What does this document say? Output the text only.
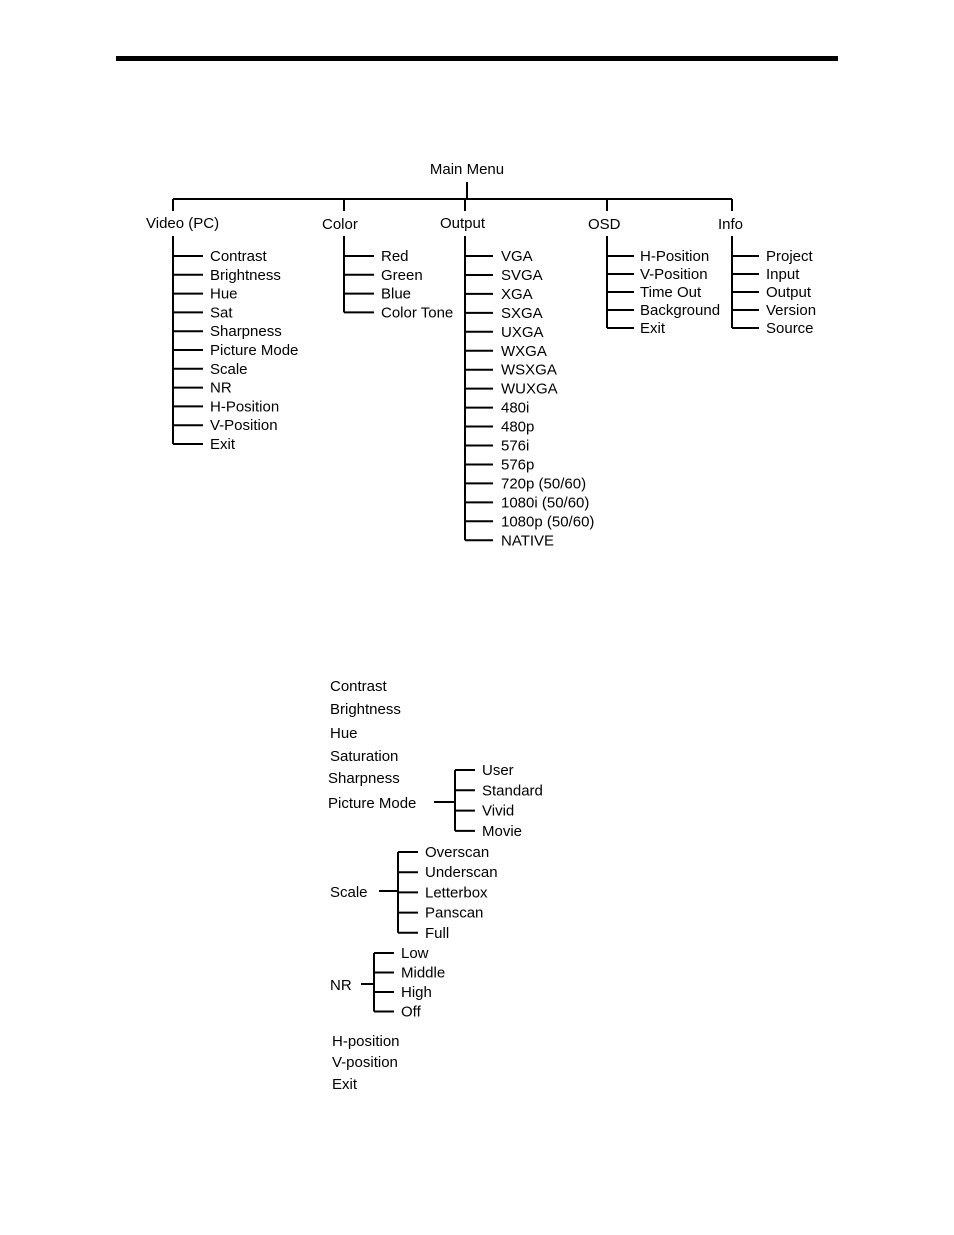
Main Menu
Video (PC)	Color	Output	OSD	Info
Contrast
Brightness
Hue
Sat
Sharpness
Picture Mode
Scale
NR
H-Position
V-Position
Exit
Red
Green
Blue
Color Tone
VGA
SVGA
XGA
SXGA
UXGA
WXGA
WSXGA
WUXGA
480i
480p
576i
576p
720p (50/60)
1080i (50/60)
1080p (50/60)
NATIVE
H-Position
V-Position
Time Out
Background
Exit
Project
Input
Output
Version
Source
Contrast
Brightness
Hue
Saturation
Sharpness
Picture Mode
User
Standard
Vivid
Movie
Scale
Overscan
Underscan
Letterbox
Panscan
Full
NR
Low
Middle
High
Off
H-position
V-position
Exit
